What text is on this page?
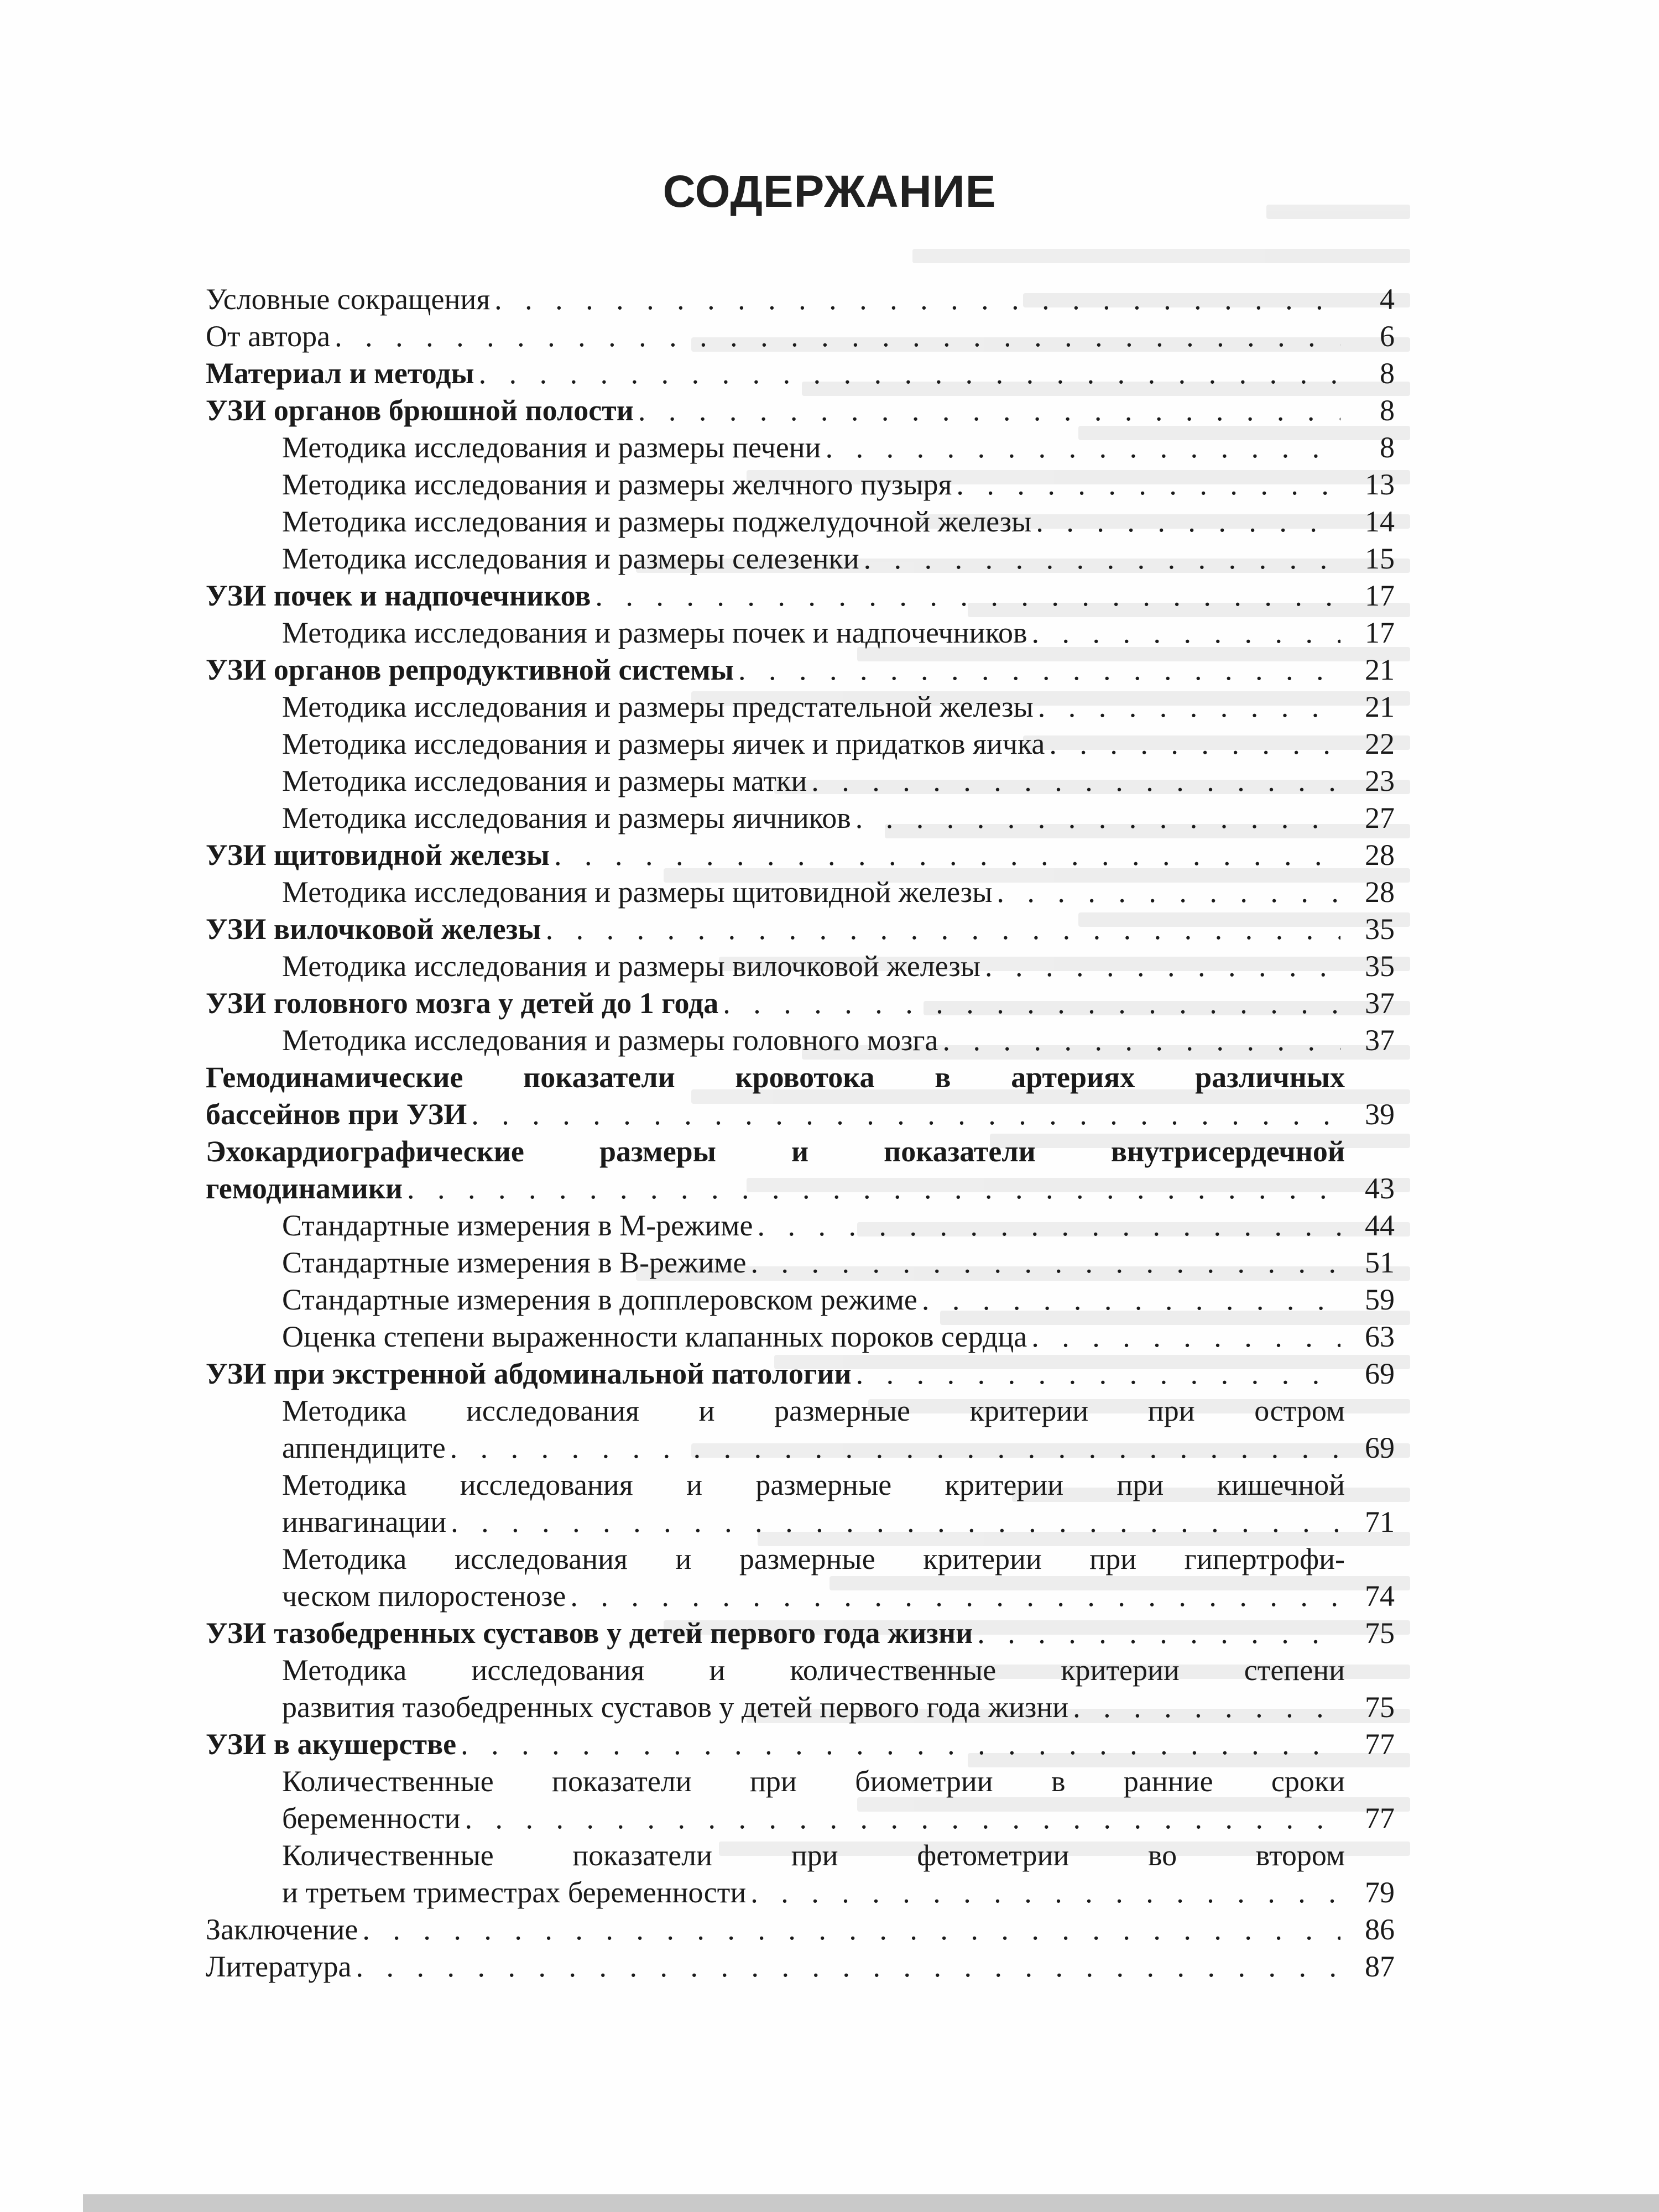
СОДЕРЖАНИЕ
Условные сокращения . . .	4
От автора . . .	6
Материал и методы . . .	8
УЗИ органов брюшной полости . . .	8
Методика исследования и размеры печени . . .	8
Методика исследования и размеры желчного пузыря . . .	13
Методика исследования и размеры поджелудочной железы . . .	14
Методика исследования и размеры селезенки . . .	15
УЗИ почек и надпочечников . . .	17
Методика исследования и размеры почек и надпочечников . . .	17
УЗИ органов репродуктивной системы . . .	21
Методика исследования и размеры предстательной железы . . .	21
Методика исследования и размеры яичек и придатков яичка . . .	22
Методика исследования и размеры матки . . .	23
Методика исследования и размеры яичников . . .	27
УЗИ щитовидной железы . . .	28
Методика исследования и размеры щитовидной железы . . .	28
УЗИ вилочковой железы . . .	35
Методика исследования и размеры вилочковой железы . . .	35
УЗИ головного мозга у детей до 1 года . . .	37
Методика исследования и размеры головного мозга . . .	37
Гемодинамические показатели кровотока в артериях различных
бассейнов при УЗИ . . .	39
Эхокардиографические размеры и показатели внутрисердечной
гемодинамики . . .	43
Стандартные измерения в М-режиме . . .	44
Стандартные измерения в В-режиме . . .	51
Стандартные измерения в допплеровском режиме . . .	59
Оценка степени выраженности клапанных пороков сердца . . .	63
УЗИ при экстренной абдоминальной патологии . . .	69
Методика исследования и размерные критерии при остром
аппендиците . . .	69
Методика исследования и размерные критерии при кишечной
инвагинации . . .	71
Методика исследования и размерные критерии при гипертрофи-
ческом пилоростенозе . . .	74
УЗИ тазобедренных суставов у детей первого года жизни . . .	75
Методика исследования и количественные критерии степени
развития тазобедренных суставов у детей первого года жизни . . .	75
УЗИ в акушерстве . . .	77
Количественные показатели при биометрии в ранние сроки
беременности . . .	77
Количественные показатели при фетометрии во втором
и третьем триместрах беременности . . .	79
Заключение . . .	86
Литература . . .	87
